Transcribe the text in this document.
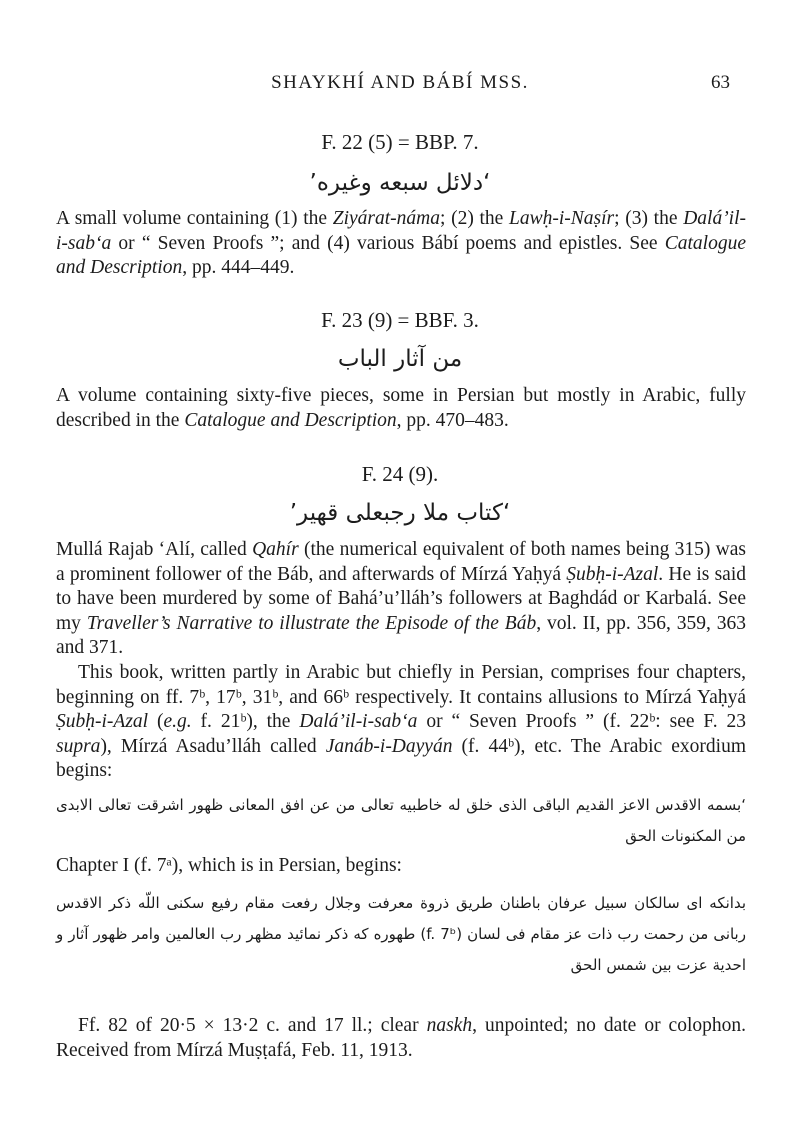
SHAYKHÍ AND BÁBÍ MSS.	63
F. 22 (5) = BBP. 7.
‘دلائل سبعه وغيره’

A small volume containing (1) the Ziyárat-náma; (2) the Lawḥ-i-Naṣír; (3) the Dalá’il-i-sab‘a or “ Seven Proofs ”; and (4) various Bábí poems and epistles. See Catalogue and Description, pp. 444–449.

F. 23 (9) = BBF. 3.
من آثار الباب

A volume containing sixty-five pieces, some in Persian but mostly in Arabic, fully described in the Catalogue and Description, pp. 470–483.

F. 24 (9).
‘كتاب ملا رجبعلى قهير’

Mullá Rajab ‘Alí, called Qahír (the numerical equivalent of both names being 315) was a prominent follower of the Báb, and afterwards of Mírzá Yaḥyá Ṣubḥ-i-Azal. He is said to have been murdered by some of Bahá’u’lláh’s followers at Baghdád or Karbalá. See my Traveller’s Narrative to illustrate the Episode of the Báb, vol. II, pp. 356, 359, 363 and 371.

This book, written partly in Arabic but chiefly in Persian, comprises four chapters, beginning on ff. 7ᵇ, 17ᵇ, 31ᵇ, and 66ᵇ respectively. It contains allusions to Mírzá Yaḥyá Ṣubḥ-i-Azal (e.g. f. 21ᵇ), the Dalá’il-i-sab‘a or “ Seven Proofs ” (f. 22ᵇ: see F. 23 supra), Mírzá Asadu’lláh called Janáb-i-Dayyán (f. 44ᵇ), etc. The Arabic exordium begins:

‘بسمه الاقدس الاعز القديم الباقى الذى خلق له خاطبيه تعالى من عن افق المعانى ظهور اشرقت تعالى الابدى من المكنونات الحق

Chapter I (f. 7ᵃ), which is in Persian, begins:

بدانكه اى سالكان سبيل عرفان باطنان طريق ذروة معرفت وجلال رفعت مقام رفيع سكنى اللّه ذكر الاقدس ربانى من رحمت رب ذات عز مقام فى لسان (f. 7ᵇ) طهوره كه ذكر نمائيد مظهر رب العالمين وامر ظهور آثار و احدية عزت بين شمس الحق

Ff. 82 of 20·5 × 13·2 c. and 17 ll.; clear naskh, unpointed; no date or colophon. Received from Mírzá Muṣṭafá, Feb. 11, 1913.
